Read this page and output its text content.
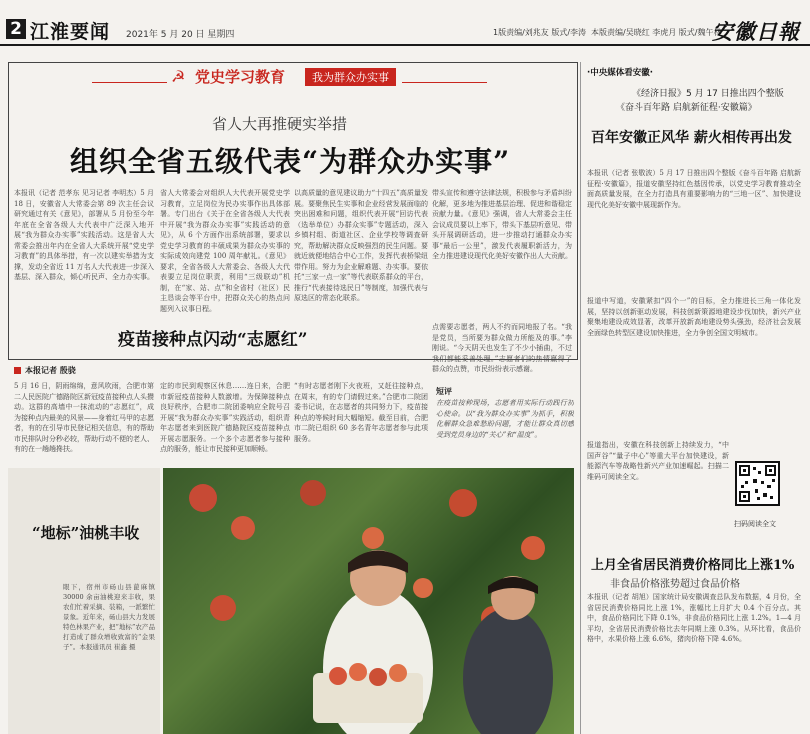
2 江淮要闻 2021年 5 月 20 日 星期四	1版责编/刘兆友 版式/李涛 本版责编/吴晓红 李虎月 版式/魏午林
安徽日報
☭ 党史学习教育	我为群众办实事
省人大再推硬实举措
组织全省五级代表“为群众办实事”
本报讯（记者 范孝东 见习记者 李明杰）5 月 18 日，安徽省人大常委会第 89 次主任会议研究通过有关《意见》，部署从 5 月份至今年年底在全省各级人大代表中广泛深入地开展“我为群众办实事”实践活动。这是省人大常委会推出年内在全省人大系统开展“党史学习教育”的具体举措，有一次以建实举措为支撑，发动全省近 11 万名人大代表进一步深入基层、深入群众，倾心听民声、全力办实事。
省人大常委会对组织人大代表开展党史学习教育，立足岗位为民办实事作出具体部署。专门出台《关于在全省各级人大代表中开展“我为群众办实事”实践活动的意见》，从 6 个方面作出系统部署，要求以党史学习教育的丰硕成果为群众办实事的实际成效向建党 100 周年献礼。《意见》要求，全省各级人大常委会、各级人大代表要立足岗位职责，利用“三级联动”机制，在“家、站、点”和全省村（社区）民主恳谈会等平台中，把群众关心的热点问题列入议事日程。
以高质量的意见建议助力“十四五”高质量发展。要聚焦民生实事和企业经营发展面临的突出困难和问题，组织代表开展“回访代表（选举单位）办群众实事”专题活动，深入乡镇村组、街道社区、企业学校等调查研究，帮助解决群众反映强烈的民生问题。要就近就便地结合中心工作，发挥代表桥梁纽带作用。努力为企业解难题、办实事。要依托“三家一点一家”等代表联系群众的平台，推行“代表接待选民日”等制度，加强代表与原选区的常态化联系。
带头宣传和遵守法律法规，积极参与矛盾纠纷化解，更多地为推进基层治理、促进和谐稳定贡献力量。《意见》强调，省人大常委会主任会议成员要以上率下，带头下基层听意见、带头开展调研活动，进一步推动打通群众办实事“最后一公里”，激发代表履职新活力，为全力推进建设现代化美好安徽作出人大贡献。
疫苗接种点闪动“志愿红”
本报记者 殷骁
5 月 16 日，阴雨绵绵，意风吹雨，合肥市第二人民医院广德路院区新冠疫苗接种点人头攒动。这群的高墙中一抹流动的“志愿红”，成为接种点内最美的风景——身着红马甲的志愿者，有的在引导市民登记相关信息，有的帮助市民排队时分秒必较，帮助行动不便的老人、有的在一趟趟搀扶。
定的市民到观察区休息……连日来，合肥市新冠疫苗接种人数激增。为保障接种点良好秩序，合肥市二院团委响应全院号召开展“我为群众办实事”实践活动，组织青年志愿者来到医院广德路院区疫苗接种点开展志愿服务。一个多个志愿者参与接种点的服务，能让市民接种更加顺畅。
“有时志愿者刚下火夜班，又赶往接种点，在周末，有的专门请假过来。”合肥市二院团委书记说，在志愿者的共同努力下，疫苗接种点的等候时间大幅缩短。截至目前，合肥市二院已组织 60 多名青年志愿者参与此项服务。
点需要志愿者，两人不约而同地报了名。“我是党员，当所要为群众做力所能及的事。”李刚说。“今天阴天也发生了不少小插曲，不过我们都能妥善处理。”志愿者们的热情赢得了群众的点赞，市民纷纷表示感谢。
短评
在疫苗接种现场，志愿者用实际行动践行初心使命。以“我为群众办实事”为抓手，积极化解群众急难愁盼问题，才能让群众真切感受到党员身边的“关心”和“温度”。
“地标”油桃丰收
眼下，宿州市砀山县蓖麻镇 30000 余亩油桃迎来丰收，果农们忙着采摘、装箱，一派繁忙景象。近年来，砀山县大力发展特色林果产业，把“地标”农产品打造成了群众增收致富的“金果子”。本报通讯员 崔鑫 摄
·中央媒体看安徽·
《经济日报》5 月 17 日推出四个整版
《奋斗百年路 启航新征程·安徽篇》
百年安徽正风华 薪火相传再出发
本报讯（记者 张敬波）5 月 17 日推出四个整版《奋斗百年路 启航新征程·安徽篇》，报道安徽坚持红色基因传承，以党史学习教育推动全面高质量发展，在全力打造具有重要影响力的“三地一区”、加快建设现代化美好安徽中展现新作为。
报道中写道，安徽紧扣“四个一”的目标，全力推进长三角一体化发展，坚持以创新驱动发展，科技创新策源地建设步伐加快，新兴产业聚集地建设成效显著，改革开放新高地建设势头强劲，经济社会发展全面绿色转型区建设加快推进，全力争创全国文明城市。
报道指出，安徽在科技创新上持续发力，“中国声谷”“量子中心”等重大平台加快建设，新能源汽车等战略性新兴产业加速崛起。扫描二维码可阅读全文。
扫码阅读全文
上月全省居民消费价格同比上涨1%
非食品价格涨势超过食品价格
本报讯（记者 胡旭）国家统计局安徽调查总队发布数据，4 月份，全省居民消费价格同比上涨 1%，涨幅比上月扩大 0.4 个百分点。其中，食品价格同比下降 0.1%，非食品价格同比上涨 1.2%。1—4 月平均，全省居民消费价格比去年同期上涨 0.3%。从环比看，食品价格中，水果价格上涨 6.6%，猪肉价格下降 4.6%。
